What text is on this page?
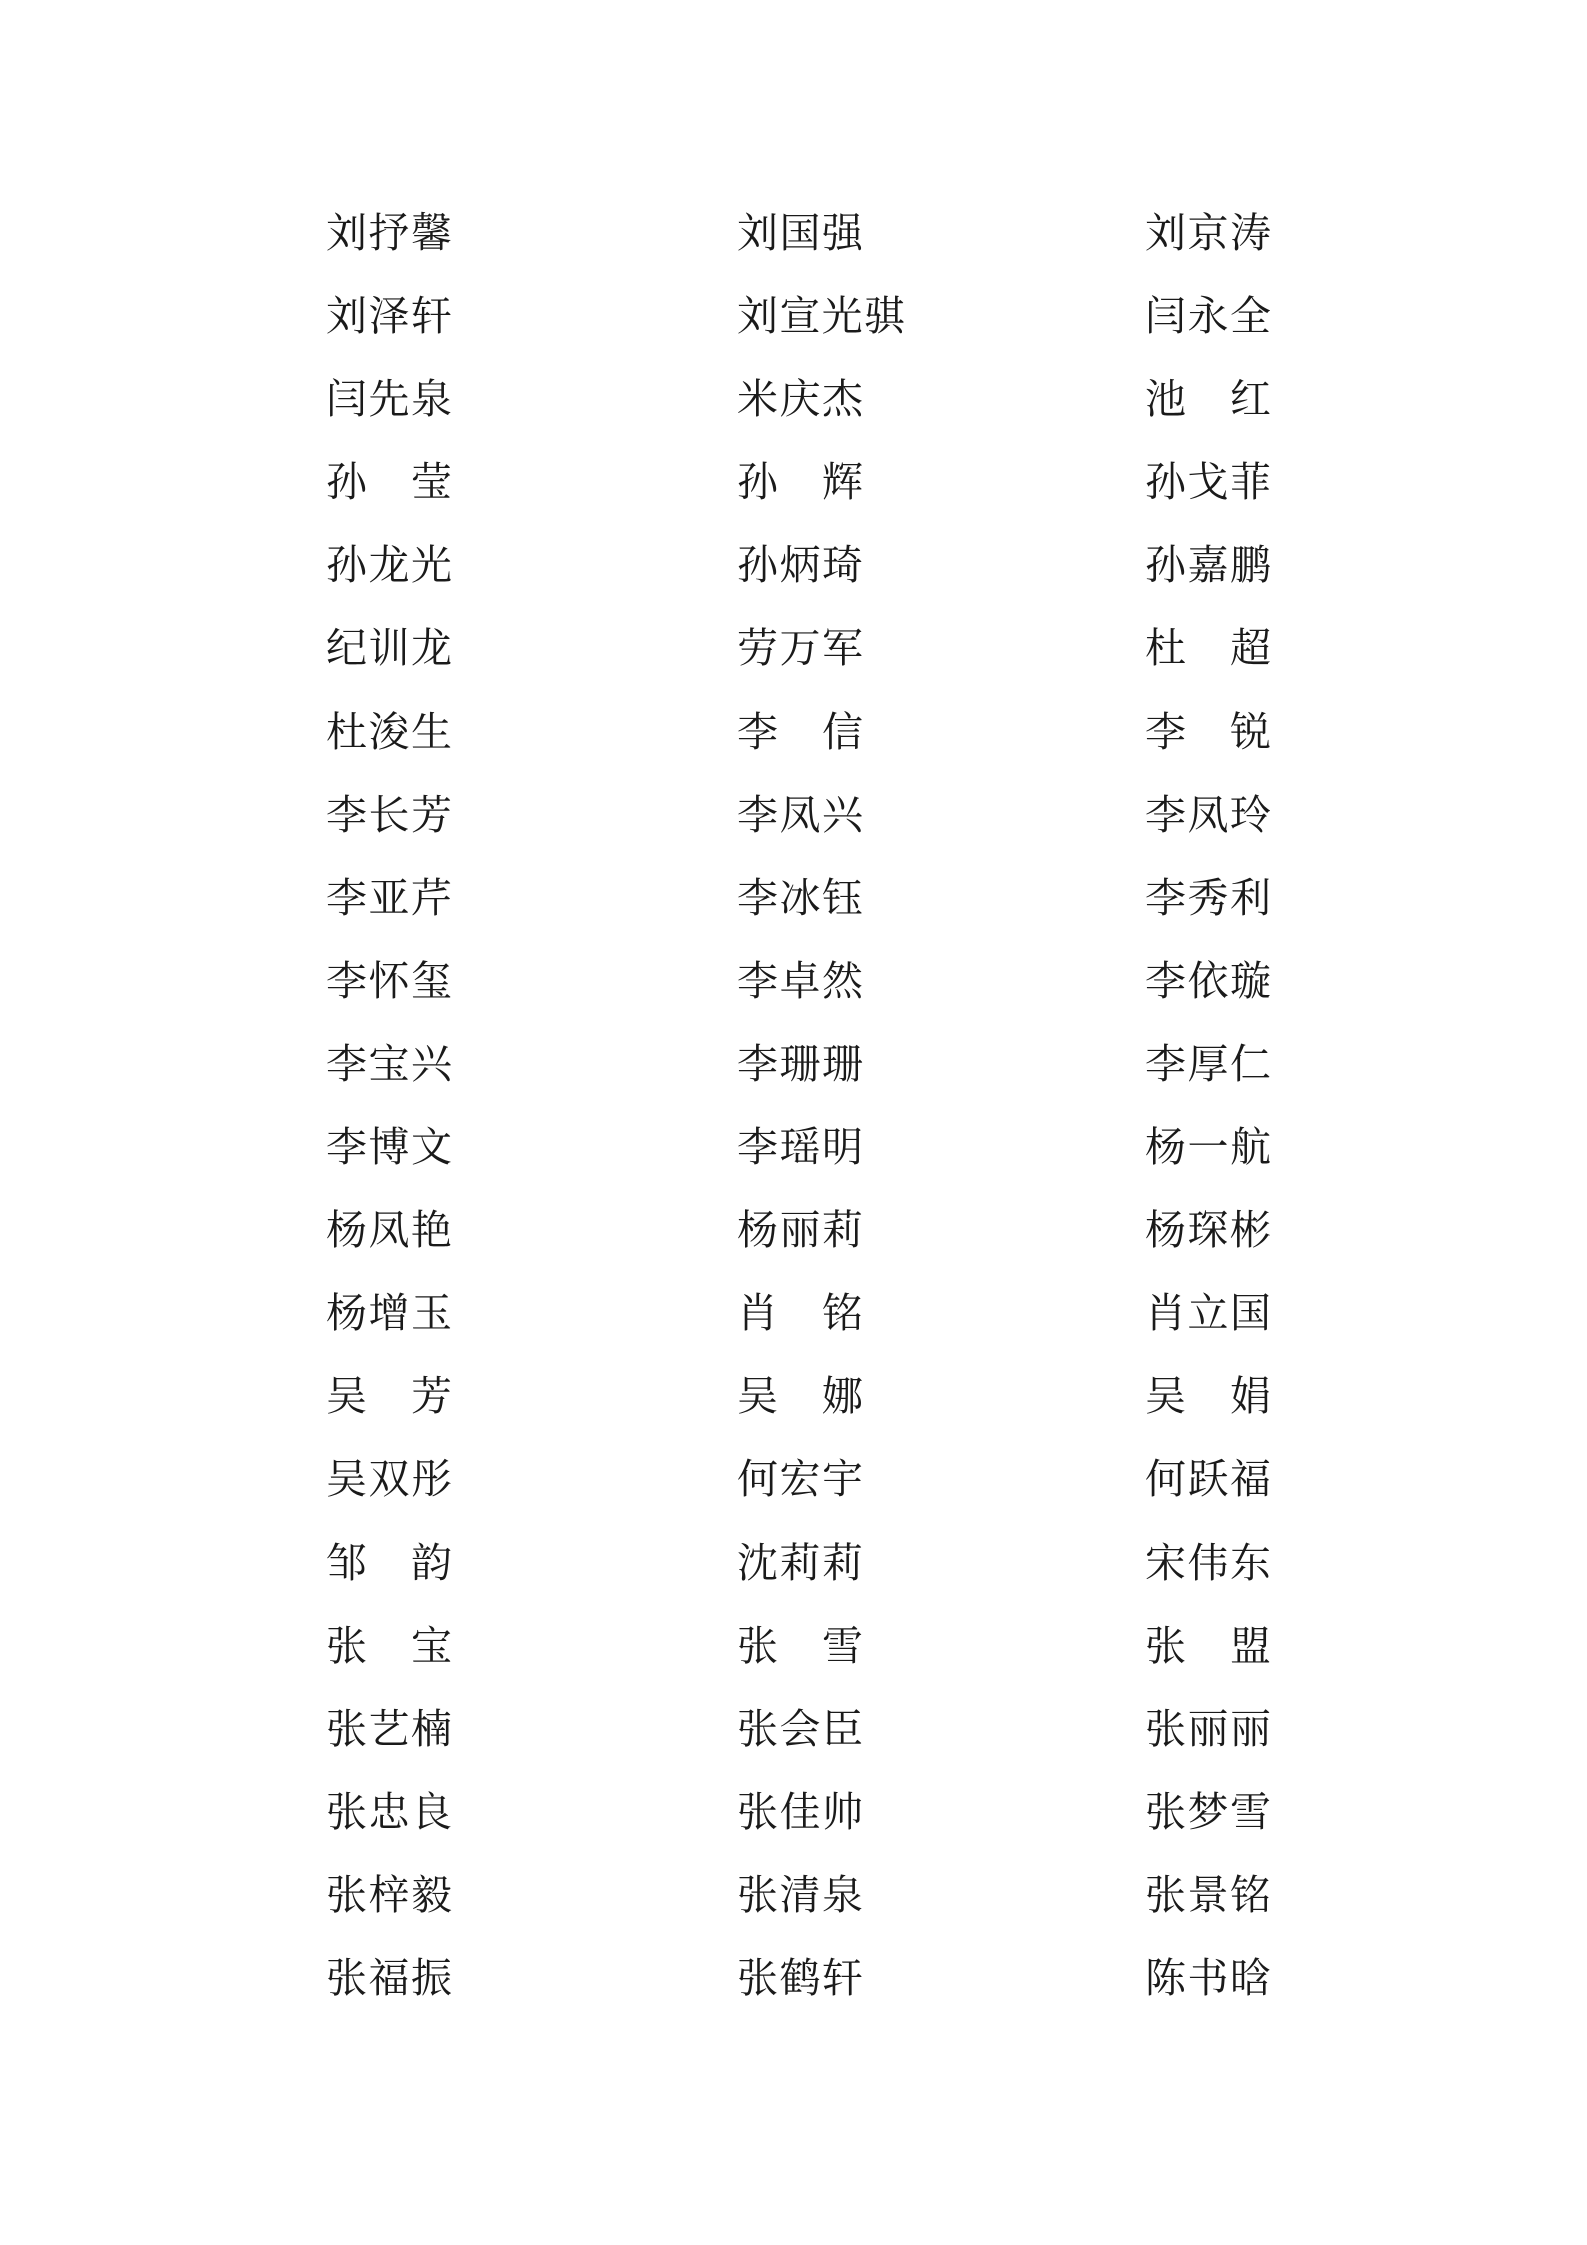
刘 抒 馨	刘 国 强	刘 京 涛
刘 泽 轩	刘 宣 光 骐	闫 永 全
闫 先 泉	米 庆 杰	池 红
孙 莹	孙 辉	孙 戈 菲
孙 龙 光	孙 炳 琦	孙 嘉 鹏
纪 训 龙	劳 万 军	杜 超
杜 浚 生	李 信	李 锐
李 长 芳	李 凤 兴	李 凤 玲
李 亚 芹	李 冰 钰	李 秀 利
李 怀 玺	李 卓 然	李 依 璇
李 宝 兴	李 珊 珊	李 厚 仁
李 博 文	李 瑶 明	杨 一 航
杨 凤 艳	杨 丽 莉	杨 琛 彬
杨 增 玉	肖 铭	肖 立 国
吴 芳	吴 娜	吴 娟
吴 双 彤	何 宏 宇	何 跃 福
邹 韵	沈 莉 莉	宋 伟 东
张 宝	张 雪	张 盟
张 艺 楠	张 会 臣	张 丽 丽
张 忠 良	张 佳 帅	张 梦 雪
张 梓 毅	张 清 泉	张 景 铭
张 福 振	张 鹤 轩	陈 书 晗
